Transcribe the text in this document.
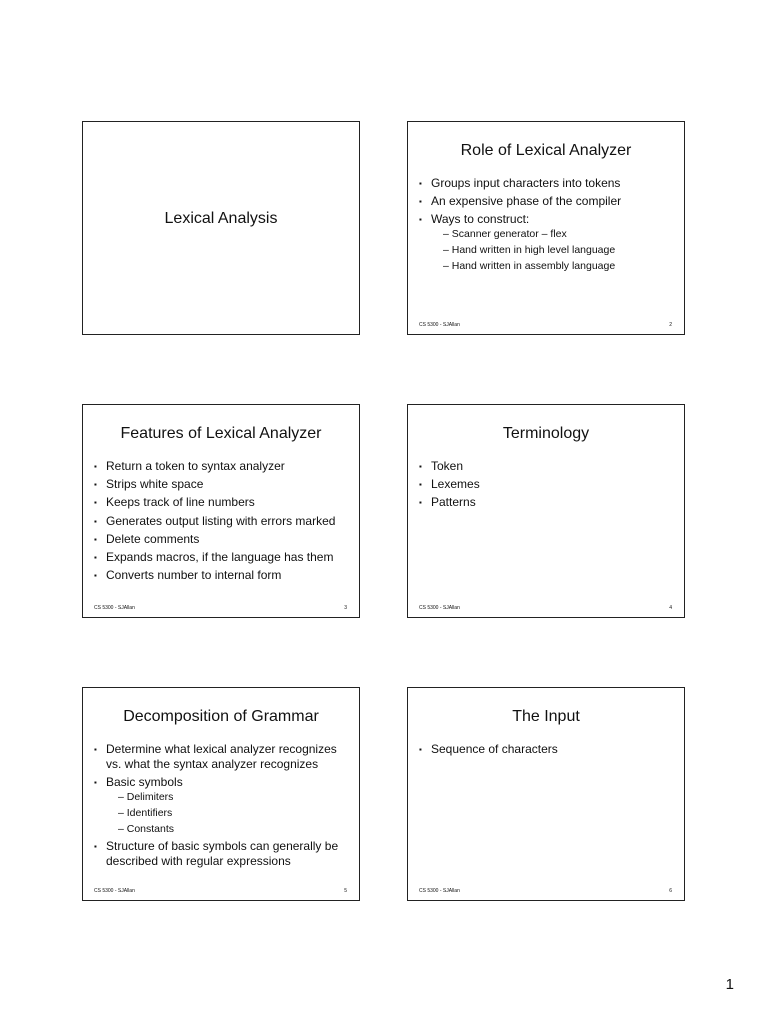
Lexical Analysis
Role of Lexical Analyzer
▪ Groups input characters into tokens
▪ An expensive phase of the compiler
▪ Ways to construct:
– Scanner generator – flex
– Hand written in high level language
– Hand written in assembly language
CS 5300 - SJAllan	2
Features of Lexical Analyzer
▪ Return a token to syntax analyzer
▪ Strips white space
▪ Keeps track of line numbers
▪ Generates output listing with errors marked
▪ Delete comments
▪ Expands macros, if the language has them
▪ Converts number to internal form
CS 5300 - SJAllan	3
Terminology
▪ Token
▪ Lexemes
▪ Patterns
CS 5300 - SJAllan	4
Decomposition of Grammar
▪ Determine what lexical analyzer recognizes vs. what the syntax analyzer recognizes
▪ Basic symbols
– Delimiters
– Identifiers
– Constants
▪ Structure of basic symbols can generally be described with regular expressions
CS 5300 - SJAllan	5
The Input
▪ Sequence of characters
CS 5300 - SJAllan	6
1
